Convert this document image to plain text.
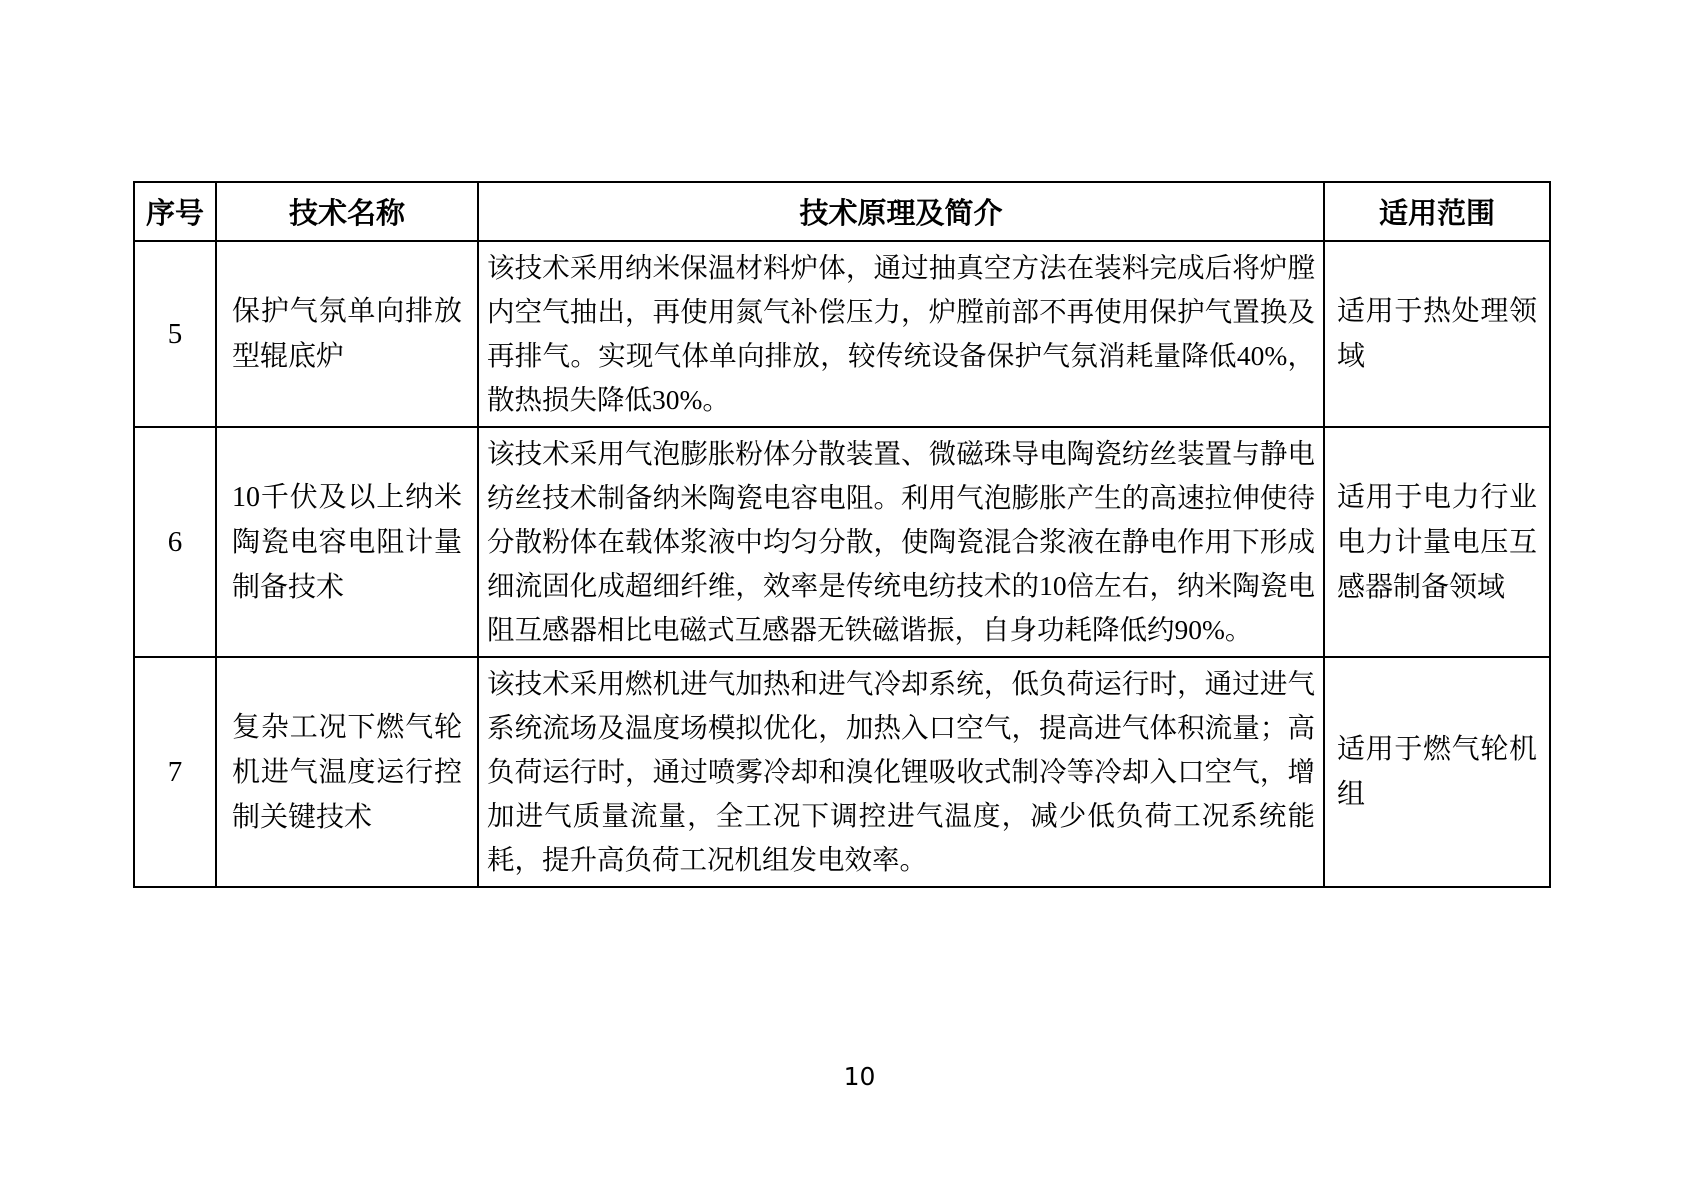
序号	技术名称	技术原理及简介	适用范围
5	保护气氛单向排放型辊底炉	该技术采用纳米保温材料炉体，通过抽真空方法在装料完成后将炉膛内空气抽出，再使用氮气补偿压力，炉膛前部不再使用保护气置换及再排气。实现气体单向排放，较传统设备保护气氛消耗量降低40%，散热损失降低30%。	适用于热处理领域
6	10千伏及以上纳米陶瓷电容电阻计量制备技术	该技术采用气泡膨胀粉体分散装置、微磁珠导电陶瓷纺丝装置与静电纺丝技术制备纳米陶瓷电容电阻。利用气泡膨胀产生的高速拉伸使待分散粉体在载体浆液中均匀分散，使陶瓷混合浆液在静电作用下形成细流固化成超细纤维，效率是传统电纺技术的10倍左右，纳米陶瓷电阻互感器相比电磁式互感器无铁磁谐振，自身功耗降低约90%。	适用于电力行业电力计量电压互感器制备领域
7	复杂工况下燃气轮机进气温度运行控制关键技术	该技术采用燃机进气加热和进气冷却系统，低负荷运行时，通过进气系统流场及温度场模拟优化，加热入口空气，提高进气体积流量；高负荷运行时，通过喷雾冷却和溴化锂吸收式制冷等冷却入口空气，增加进气质量流量，全工况下调控进气温度，减少低负荷工况系统能耗，提升高负荷工况机组发电效率。	适用于燃气轮机组
10
